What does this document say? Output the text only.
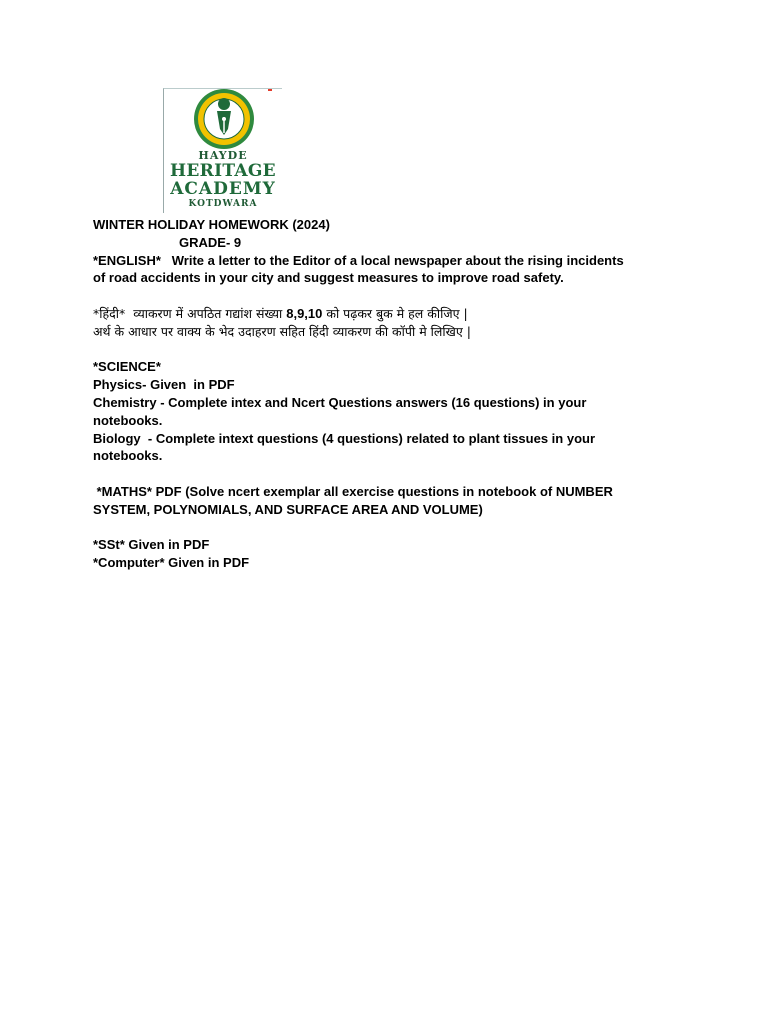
HAYDE
HERITAGE
ACADEMY
KOTDWARA
WINTER HOLIDAY HOMEWORK (2024)
GRADE- 9
*ENGLISH*   Write a letter to the Editor of a local newspaper about the rising incidents
of road accidents in your city and suggest measures to improve road safety.
*हिंदी*  व्याकरण में अपठित गद्यांश संख्या 8,9,10 को पढ़कर बुक मे हल कीजिए |
अर्थ के आधार पर वाक्य के भेद उदाहरण सहित हिंदी व्याकरण की कॉपी मे लिखिए |
*SCIENCE*
Physics- Given  in PDF
Chemistry - Complete intex and Ncert Questions answers (16 questions) in your
notebooks.
Biology  - Complete intext questions (4 questions) related to plant tissues in your
notebooks.
*MATHS* PDF (Solve ncert exemplar all exercise questions in notebook of NUMBER
SYSTEM, POLYNOMIALS, AND SURFACE AREA AND VOLUME)
*SSt* Given in PDF
*Computer* Given in PDF
